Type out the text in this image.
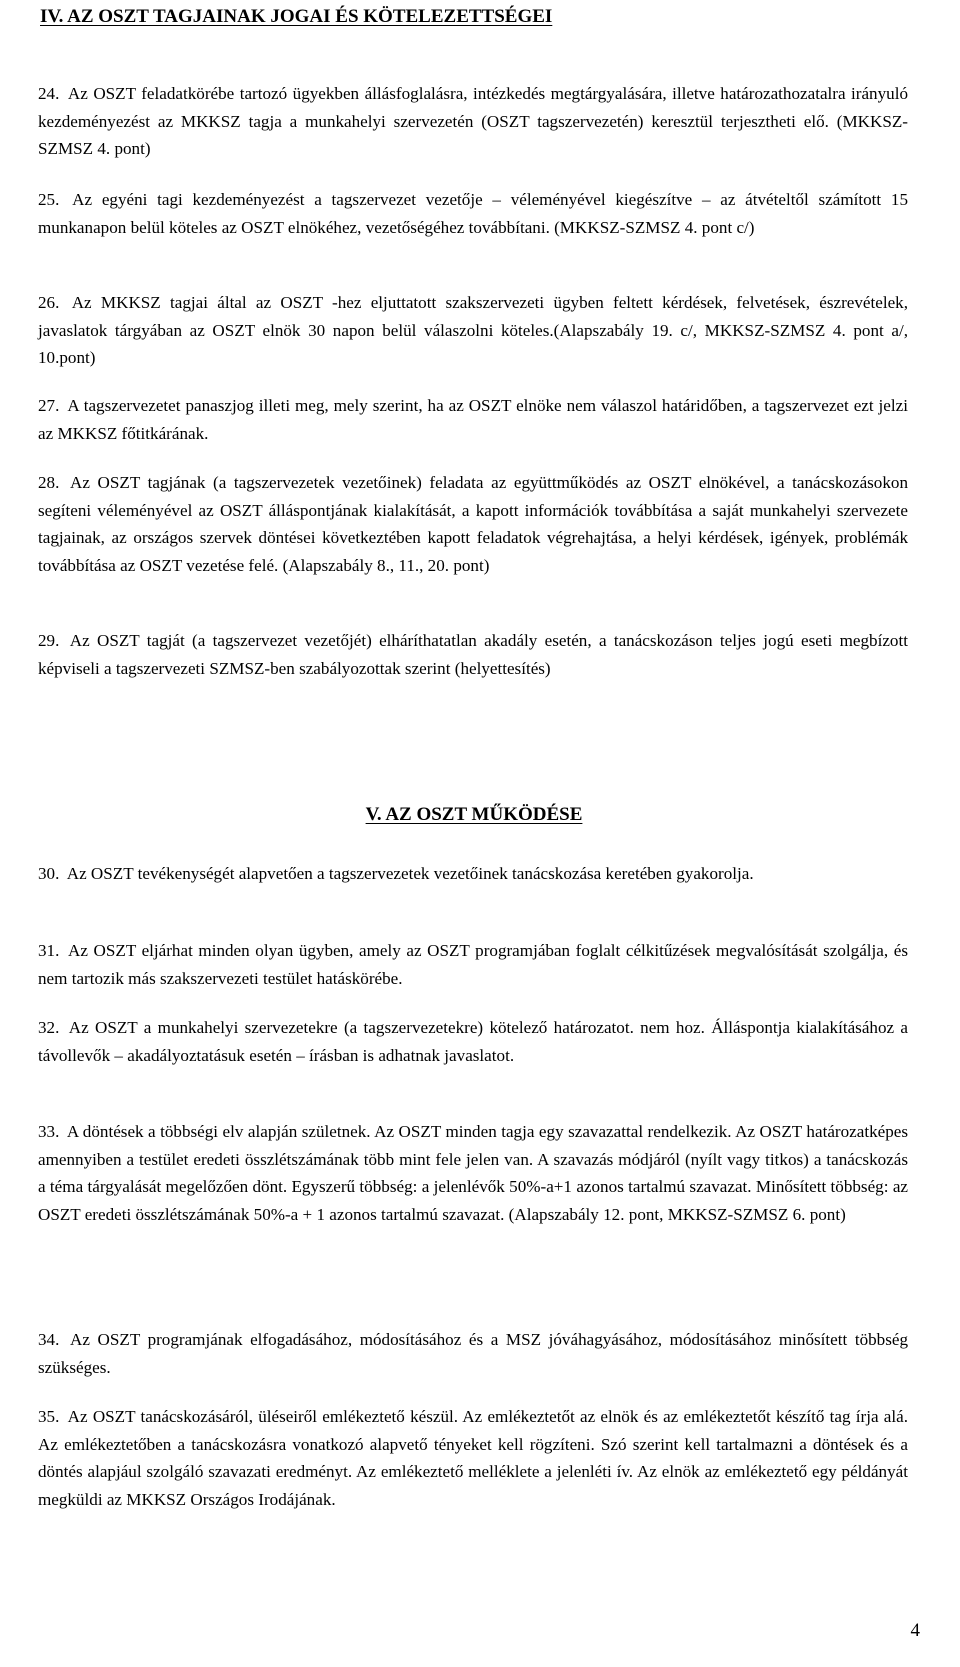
IV. AZ OSZT TAGJAINAK JOGAI ÉS KÖTELEZETTSÉGEI

24. Az OSZT feladatkörébe tartozó ügyekben állásfoglalásra, intézkedés megtárgyalására, illetve határozathozatalra irányuló kezdeményezést az MKKSZ tagja a munkahelyi szervezetén (OSZT tagszervezetén) keresztül terjesztheti elő. (MKKSZ-SZMSZ 4. pont)

25. Az egyéni tagi kezdeményezést a tagszervezet vezetője – véleményével kiegészítve – az átvételtől számított 15 munkanapon belül köteles az OSZT elnökéhez, vezetőségéhez továbbítani. (MKKSZ-SZMSZ 4. pont c/)

26. Az MKKSZ tagjai által az OSZT -hez eljuttatott szakszervezeti ügyben feltett kérdések, felvetések, észrevételek, javaslatok tárgyában az OSZT elnök 30 napon belül válaszolni köteles.(Alapszabály 19. c/, MKKSZ-SZMSZ 4. pont a/, 10.pont)

27. A tagszervezetet panaszjog illeti meg, mely szerint, ha az OSZT elnöke nem válaszol határidőben, a tagszervezet ezt jelzi az MKKSZ főtitkárának.

28. Az OSZT tagjának (a tagszervezetek vezetőinek) feladata az együttműködés az OSZT elnökével, a tanácskozásokon segíteni véleményével az OSZT álláspontjának kialakítását, a kapott információk továbbítása a saját munkahelyi szervezete tagjainak, az országos szervek döntései következtében kapott feladatok végrehajtása, a helyi kérdések, igények, problémák továbbítása az OSZT vezetése felé. (Alapszabály 8., 11., 20. pont)

29. Az OSZT tagját (a tagszervezet vezetőjét) elháríthatatlan akadály esetén, a tanácskozáson teljes jogú eseti megbízott képviseli a tagszervezeti SZMSZ-ben szabályozottak szerint (helyettesítés)

V. AZ OSZT MŰKÖDÉSE

30. Az OSZT tevékenységét alapvetően a tagszervezetek vezetőinek tanácskozása keretében gyakorolja.

31. Az OSZT eljárhat minden olyan ügyben, amely az OSZT programjában foglalt célkitűzések megvalósítását szolgálja, és nem tartozik más szakszervezeti testület hatáskörébe.

32. Az OSZT a munkahelyi szervezetekre (a tagszervezetekre) kötelező határozatot. nem hoz. Álláspontja kialakításához a távollevők – akadályoztatásuk esetén – írásban is adhatnak javaslatot.

33. A döntések a többségi elv alapján születnek. Az OSZT minden tagja egy szavazattal rendelkezik. Az OSZT határozatképes amennyiben a testület eredeti összlétszámának több mint fele jelen van. A szavazás módjáról (nyílt vagy titkos) a tanácskozás a téma tárgyalását megelőzően dönt. Egyszerű többség: a jelenlévők 50%-a+1 azonos tartalmú szavazat. Minősített többség: az OSZT eredeti összlétszámának 50%-a + 1 azonos tartalmú szavazat. (Alapszabály 12. pont, MKKSZ-SZMSZ 6. pont)

34. Az OSZT programjának elfogadásához, módosításához és a MSZ jóváhagyásához, módosításához minősített többség szükséges.

35. Az OSZT tanácskozásáról, üléseiről emlékeztető készül. Az emlékeztetőt az elnök és az emlékeztetőt készítő tag írja alá. Az emlékeztetőben a tanácskozásra vonatkozó alapvető tényeket kell rögzíteni. Szó szerint kell tartalmazni a döntések és a döntés alapjául szolgáló szavazati eredményt. Az emlékeztető melléklete a jelenléti ív. Az elnök az emlékeztető egy példányát megküldi az MKKSZ Országos Irodájának.

4
